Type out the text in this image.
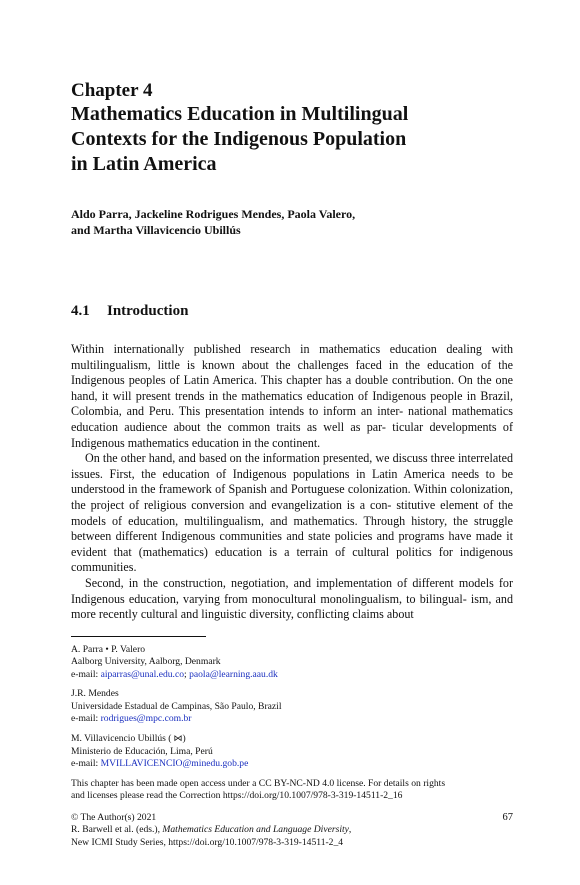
Chapter 4
Mathematics Education in Multilingual
Contexts for the Indigenous Population
in Latin America
Aldo Parra, Jackeline Rodrigues Mendes, Paola Valero,
and Martha Villavicencio Ubillús
4.1 Introduction

Within internationally published research in mathematics education dealing with multilingualism, little is known about the challenges faced in the education of the Indigenous peoples of Latin America. This chapter has a double contribution. On the one hand, it will present trends in the mathematics education of Indigenous people in Brazil, Colombia, and Peru. This presentation intends to inform an inter- national mathematics education audience about the common traits as well as par- ticular developments of Indigenous mathematics education in the continent.

On the other hand, and based on the information presented, we discuss three interrelated issues. First, the education of Indigenous populations in Latin America needs to be understood in the framework of Spanish and Portuguese colonization. Within colonization, the project of religious conversion and evangelization is a con- stitutive element of the models of education, multilingualism, and mathematics. Through history, the struggle between different Indigenous communities and state policies and programs have made it evident that (mathematics) education is a terrain of cultural politics for indigenous communities.

Second, in the construction, negotiation, and implementation of different models for Indigenous education, varying from monocultural monolingualism, to bilingual- ism, and more recently cultural and linguistic diversity, conflicting claims about

A. Parra • P. Valero
Aalborg University, Aalborg, Denmark
e-mail: aiparras@unal.edu.co; paola@learning.aau.dk
J.R. Mendes
Universidade Estadual de Campinas, São Paulo, Brazil
e-mail: rodrigues@mpc.com.br
M. Villavicencio Ubillús ( ⋈)
Ministerio de Educación, Lima, Perú
e-mail: MVILLAVICENCIO@minedu.gob.pe
This chapter has been made open access under a CC BY-NC-ND 4.0 license. For details on rights
and licenses please read the Correction https://doi.org/10.1007/978-3-319-14511-2_16
© The Author(s) 2021	67
R. Barwell et al. (eds.), Mathematics Education and Language Diversity,
New ICMI Study Series, https://doi.org/10.1007/978-3-319-14511-2_4
